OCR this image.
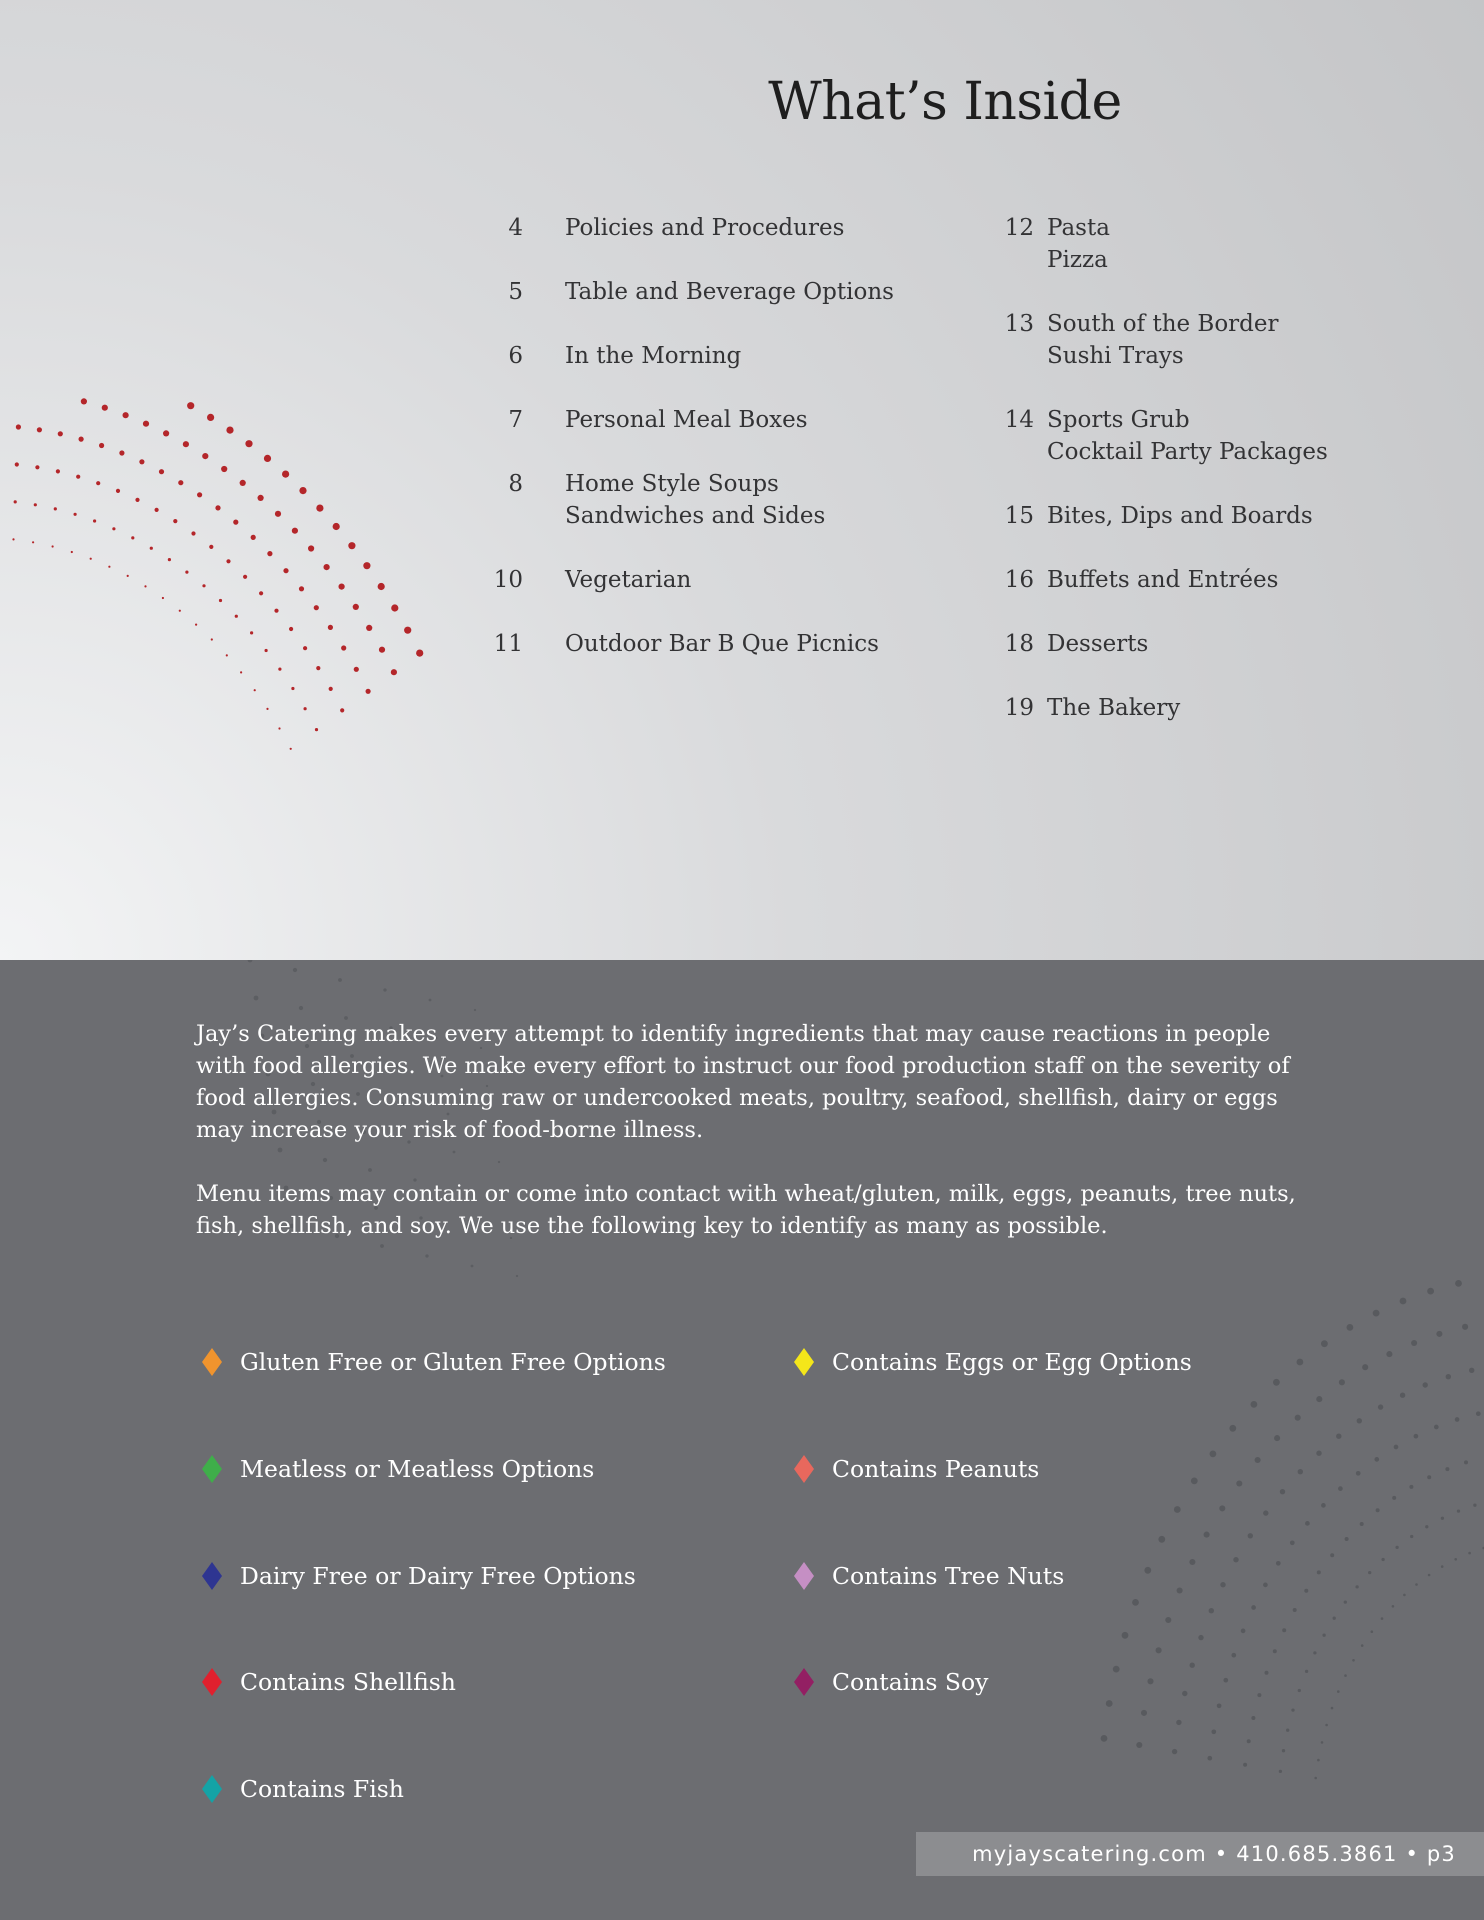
What’s Inside
4 Policies and Procedures
5 Table and Beverage Options
6 In the Morning
7 Personal Meal Boxes
8 Home Style Soups
Sandwiches and Sides
10 Vegetarian
11 Outdoor Bar B Que Picnics
12 Pasta
Pizza
13 South of the Border
Sushi Trays
14 Sports Grub
Cocktail Party Packages
15 Bites, Dips and Boards
16 Buffets and Entrées
18 Desserts
19 The Bakery

Jay’s Catering makes every attempt to identify ingredients that may cause reactions in people with food allergies. We make every effort to instruct our food production staff on the severity of food allergies. Consuming raw or undercooked meats, poultry, seafood, shellfish, dairy or eggs may increase your risk of food-borne illness.

Menu items may contain or come into contact with wheat/gluten, milk, eggs, peanuts, tree nuts, fish, shellfish, and soy. We use the following key to identify as many as possible.

Gluten Free or Gluten Free Options
Meatless or Meatless Options
Dairy Free or Dairy Free Options
Contains Shellfish
Contains Fish
Contains Eggs or Egg Options
Contains Peanuts
Contains Tree Nuts
Contains Soy
myjayscatering.com • 410.685.3861 • p3
